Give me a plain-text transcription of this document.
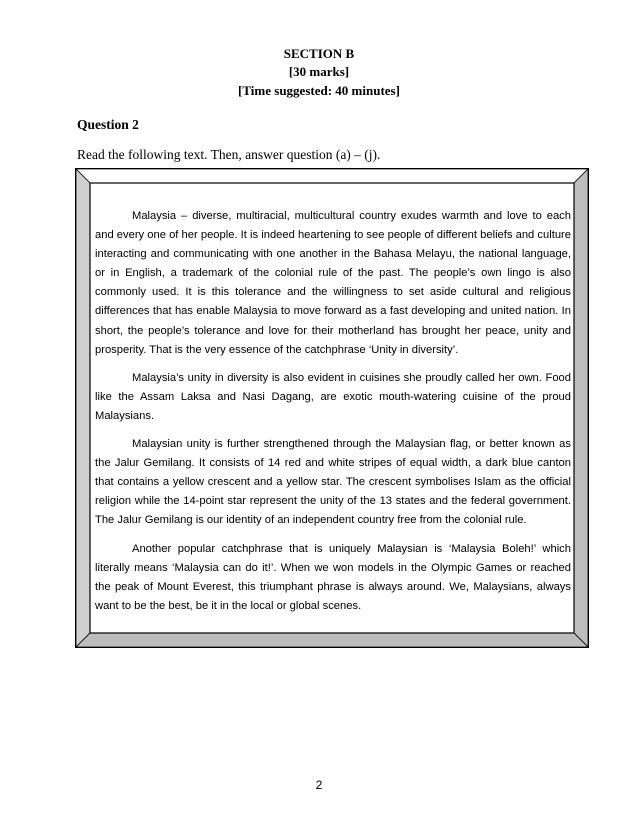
SECTION B
[30 marks]
[Time suggested: 40 minutes]
Question 2
Read the following text. Then, answer question (a) – (j).

Malaysia – diverse, multiracial, multicultural country exudes warmth and love to each and every one of her people. It is indeed heartening to see people of different beliefs and culture interacting and communicating with one another in the Bahasa Melayu, the national language, or in English, a trademark of the colonial rule of the past. The people’s own lingo is also commonly used. It is this tolerance and the willingness to set aside cultural and religious differences that has enable Malaysia to move forward as a fast developing and united nation. In short, the people’s tolerance and love for their motherland has brought her peace, unity and prosperity. That is the very essence of the catchphrase ‘Unity in diversity’.

Malaysia’s unity in diversity is also evident in cuisines she proudly called her own. Food like the Assam Laksa and Nasi Dagang, are exotic mouth-watering cuisine of the proud Malaysians.

Malaysian unity is further strengthened through the Malaysian flag, or better known as the Jalur Gemilang. It consists of 14 red and white stripes of equal width, a dark blue canton that contains a yellow crescent and a yellow star. The crescent symbolises Islam as the official religion while the 14-point star represent the unity of the 13 states and the federal government. The Jalur Gemilang is our identity of an independent country free from the colonial rule.

Another popular catchphrase that is uniquely Malaysian is ‘Malaysia Boleh!’ which literally means ‘Malaysia can do it!’. When we won models in the Olympic Games or reached the peak of Mount Everest, this triumphant phrase is always around. We, Malaysians, always want to be the best, be it in the local or global scenes.

2
